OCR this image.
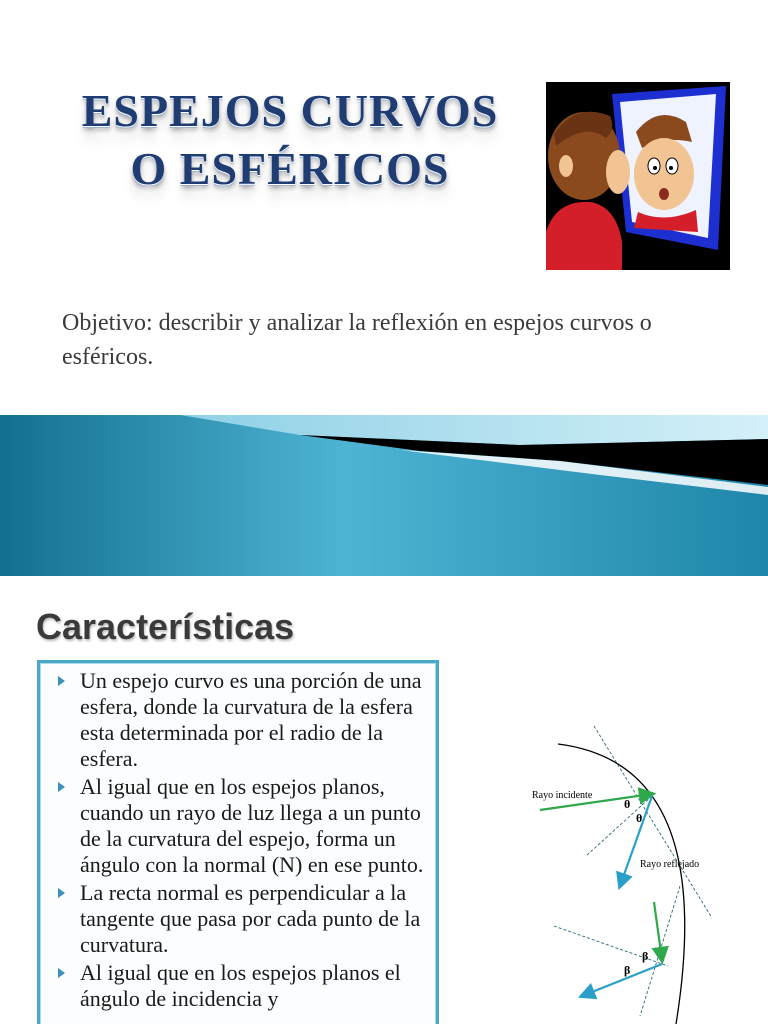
ESPEJOS CURVOS
O ESFÉRICOS
Objetivo: describir y analizar la reflexión en espejos curvos o esféricos.
Características
Un espejo curvo es una porción de una esfera, donde la curvatura de la esfera esta determinada por el radio de la esfera.
Al igual que en los espejos planos, cuando un rayo de luz llega a un punto de la curvatura del espejo, forma un ángulo con la normal (N) en ese punto.
La recta normal es perpendicular a la tangente que pasa por cada punto de la curvatura.
Al igual que en los espejos planos el ángulo de incidencia y
Rayo incidente
Rayo reflejado
θ
θ
β
β
